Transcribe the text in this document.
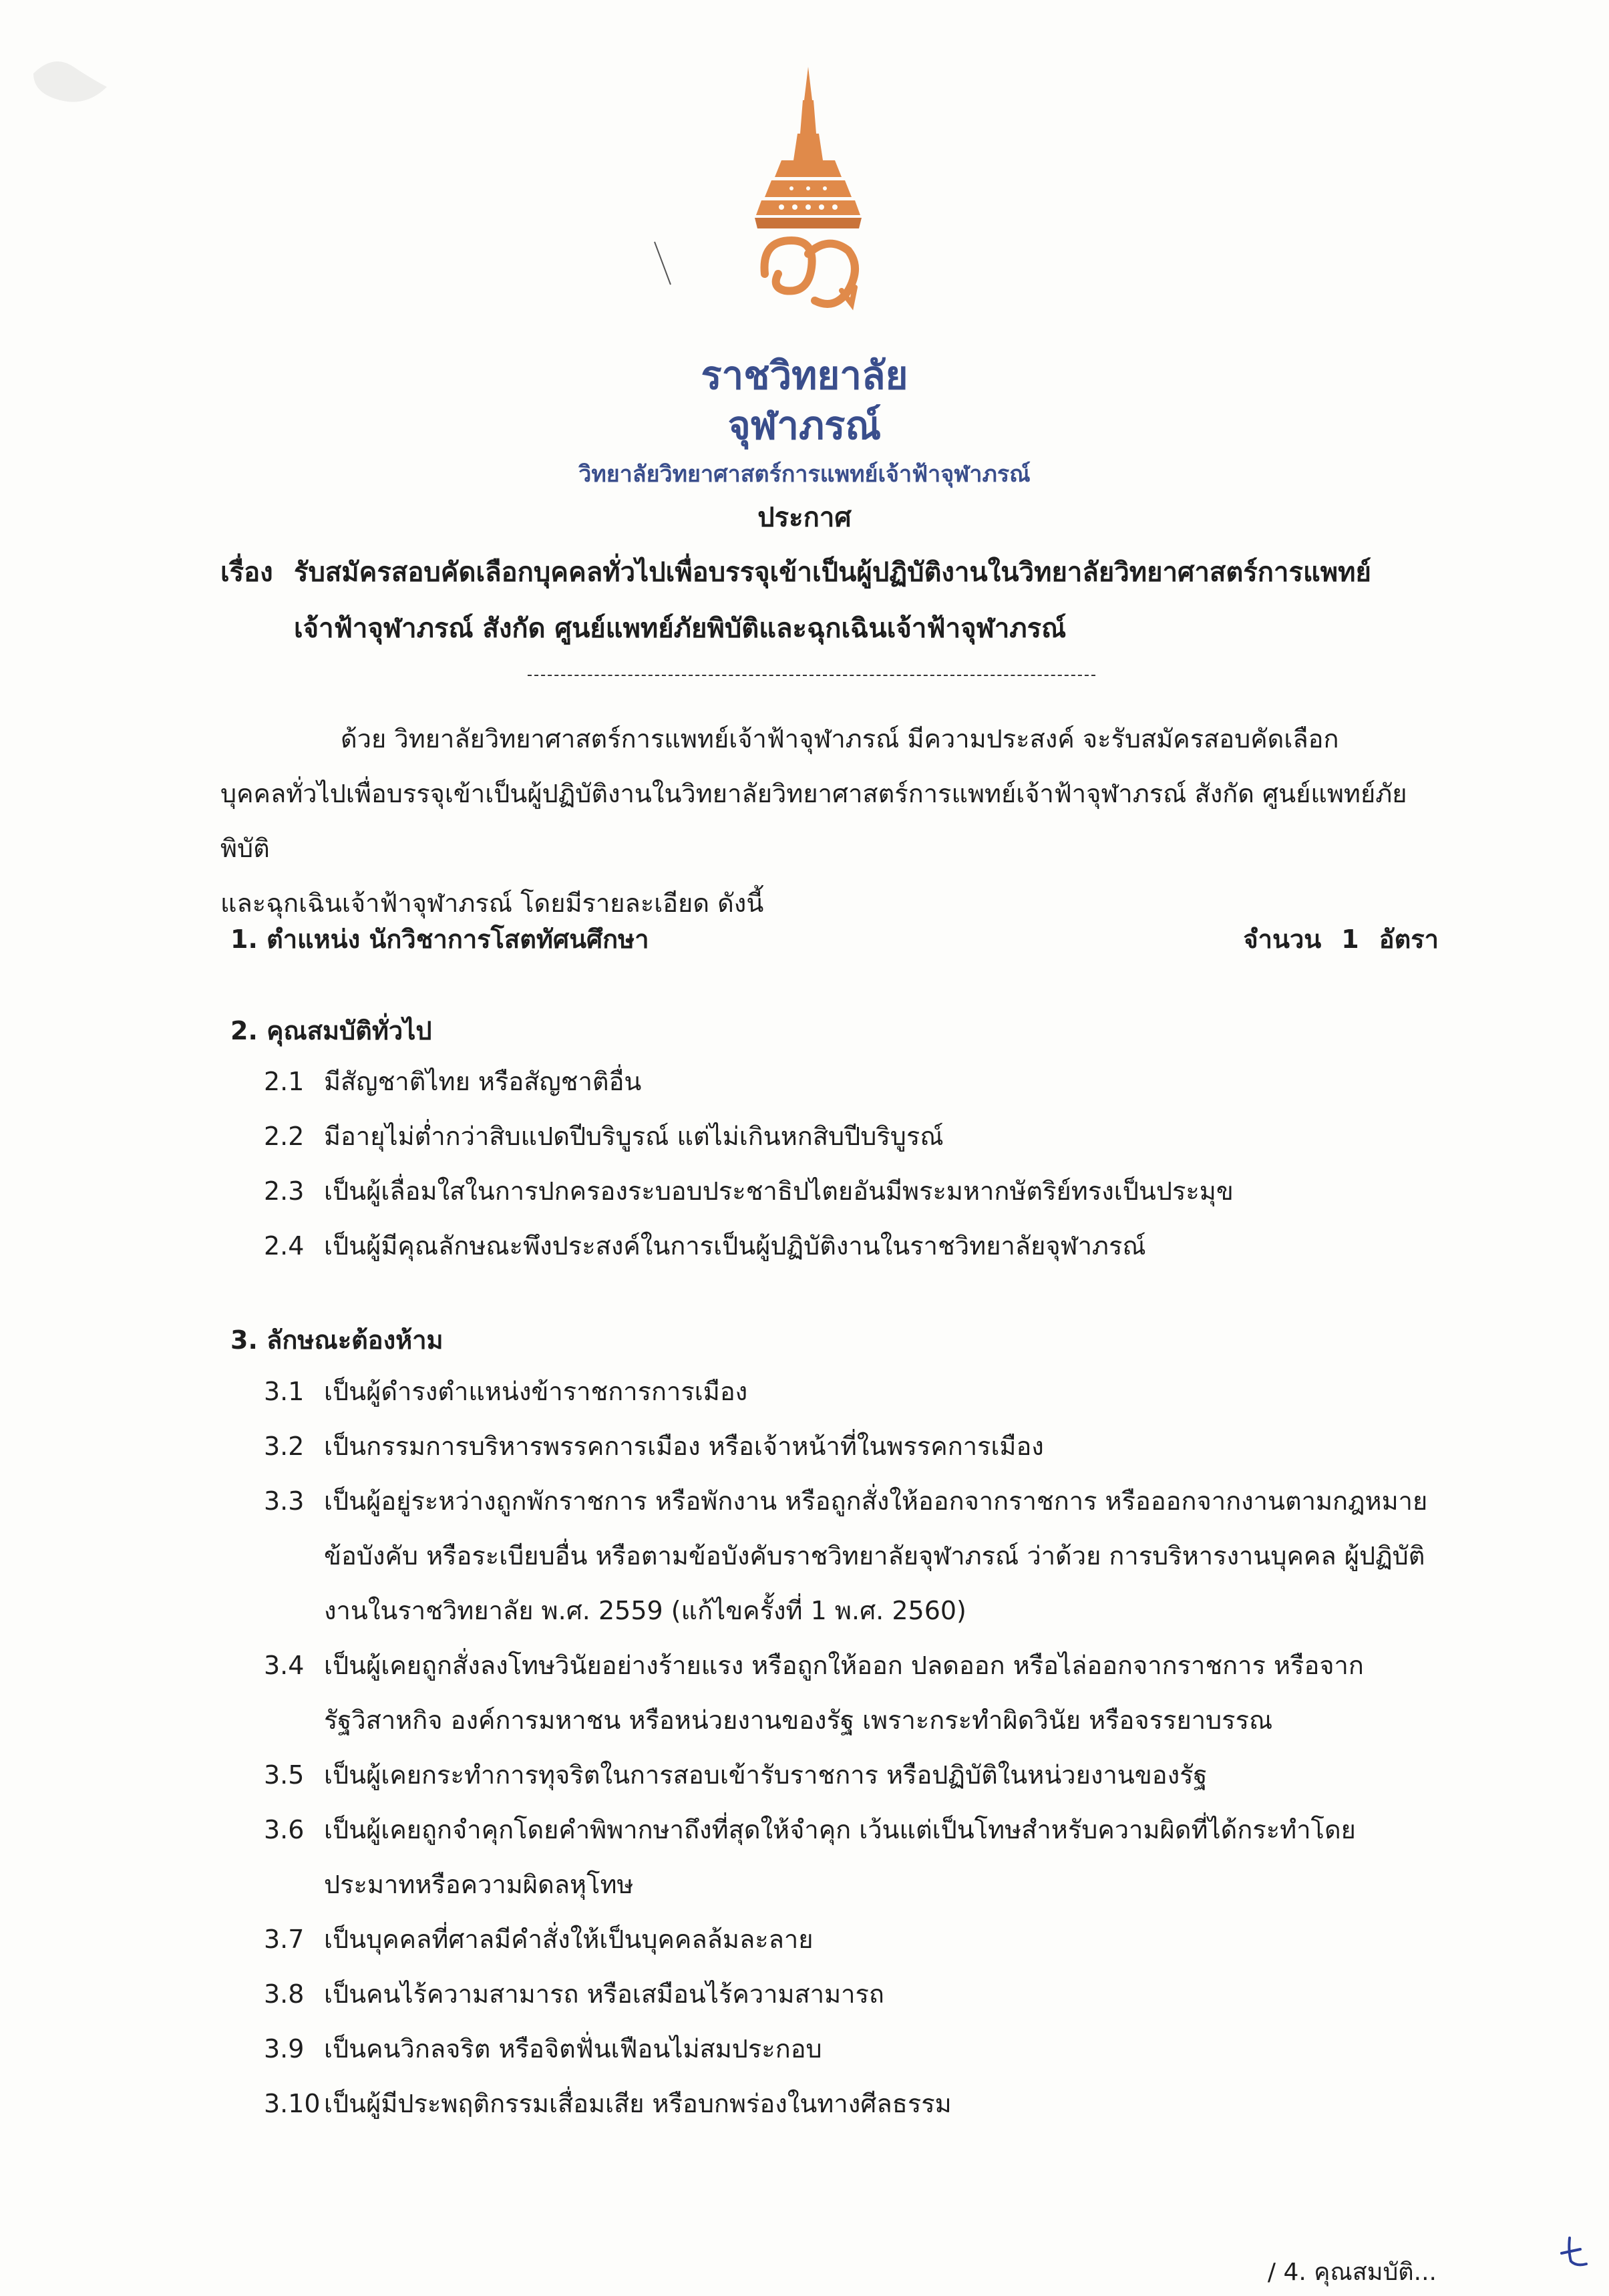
ราชวิทยาลัย
จุฬาภรณ์
วิทยาลัยวิทยาศาสตร์การแพทย์เจ้าฟ้าจุฬาภรณ์
ประกาศ
เรื่อง รับสมัครสอบคัดเลือกบุคคลทั่วไปเพื่อบรรจุเข้าเป็นผู้ปฏิบัติงานในวิทยาลัยวิทยาศาสตร์การแพทย์
เจ้าฟ้าจุฬาภรณ์ สังกัด ศูนย์แพทย์ภัยพิบัติและฉุกเฉินเจ้าฟ้าจุฬาภรณ์
ด้วย วิทยาลัยวิทยาศาสตร์การแพทย์เจ้าฟ้าจุฬาภรณ์ มีความประสงค์ จะรับสมัครสอบคัดเลือก
บุคคลทั่วไปเพื่อบรรจุเข้าเป็นผู้ปฏิบัติงานในวิทยาลัยวิทยาศาสตร์การแพทย์เจ้าฟ้าจุฬาภรณ์ สังกัด ศูนย์แพทย์ภัยพิบัติ
และฉุกเฉินเจ้าฟ้าจุฬาภรณ์ โดยมีรายละเอียด ดังนี้
1. ตำแหน่ง นักวิชาการโสตทัศนศึกษา	จำนวน 1 อัตรา
2. คุณสมบัติทั่วไป
2.1 มีสัญชาติไทย หรือสัญชาติอื่น
2.2 มีอายุไม่ต่ำกว่าสิบแปดปีบริบูรณ์ แต่ไม่เกินหกสิบปีบริบูรณ์
2.3 เป็นผู้เลื่อมใสในการปกครองระบอบประชาธิปไตยอันมีพระมหากษัตริย์ทรงเป็นประมุข
2.4 เป็นผู้มีคุณลักษณะพึงประสงค์ในการเป็นผู้ปฏิบัติงานในราชวิทยาลัยจุฬาภรณ์
3. ลักษณะต้องห้าม
3.1 เป็นผู้ดำรงตำแหน่งข้าราชการการเมือง
3.2 เป็นกรรมการบริหารพรรคการเมือง หรือเจ้าหน้าที่ในพรรคการเมือง
3.3 เป็นผู้อยู่ระหว่างถูกพักราชการ หรือพักงาน หรือถูกสั่งให้ออกจากราชการ หรือออกจากงานตามกฎหมาย ข้อบังคับ หรือระเบียบอื่น หรือตามข้อบังคับราชวิทยาลัยจุฬาภรณ์ ว่าด้วย การบริหารงานบุคคล ผู้ปฏิบัติงานในราชวิทยาลัย พ.ศ. 2559 (แก้ไขครั้งที่ 1 พ.ศ. 2560)
3.4 เป็นผู้เคยถูกสั่งลงโทษวินัยอย่างร้ายแรง หรือถูกให้ออก ปลดออก หรือไล่ออกจากราชการ หรือจากรัฐวิสาหกิจ องค์การมหาชน หรือหน่วยงานของรัฐ เพราะกระทำผิดวินัย หรือจรรยาบรรณ
3.5 เป็นผู้เคยกระทำการทุจริตในการสอบเข้ารับราชการ หรือปฏิบัติในหน่วยงานของรัฐ
3.6 เป็นผู้เคยถูกจำคุกโดยคำพิพากษาถึงที่สุดให้จำคุก เว้นแต่เป็นโทษสำหรับความผิดที่ได้กระทำโดยประมาทหรือความผิดลหุโทษ
3.7 เป็นบุคคลที่ศาลมีคำสั่งให้เป็นบุคคลล้มละลาย
3.8 เป็นคนไร้ความสามารถ หรือเสมือนไร้ความสามารถ
3.9 เป็นคนวิกลจริต หรือจิตฟั่นเฟือนไม่สมประกอบ
3.10 เป็นผู้มีประพฤติกรรมเสื่อมเสีย หรือบกพร่องในทางศีลธรรม
/ 4. คุณสมบัติ...
